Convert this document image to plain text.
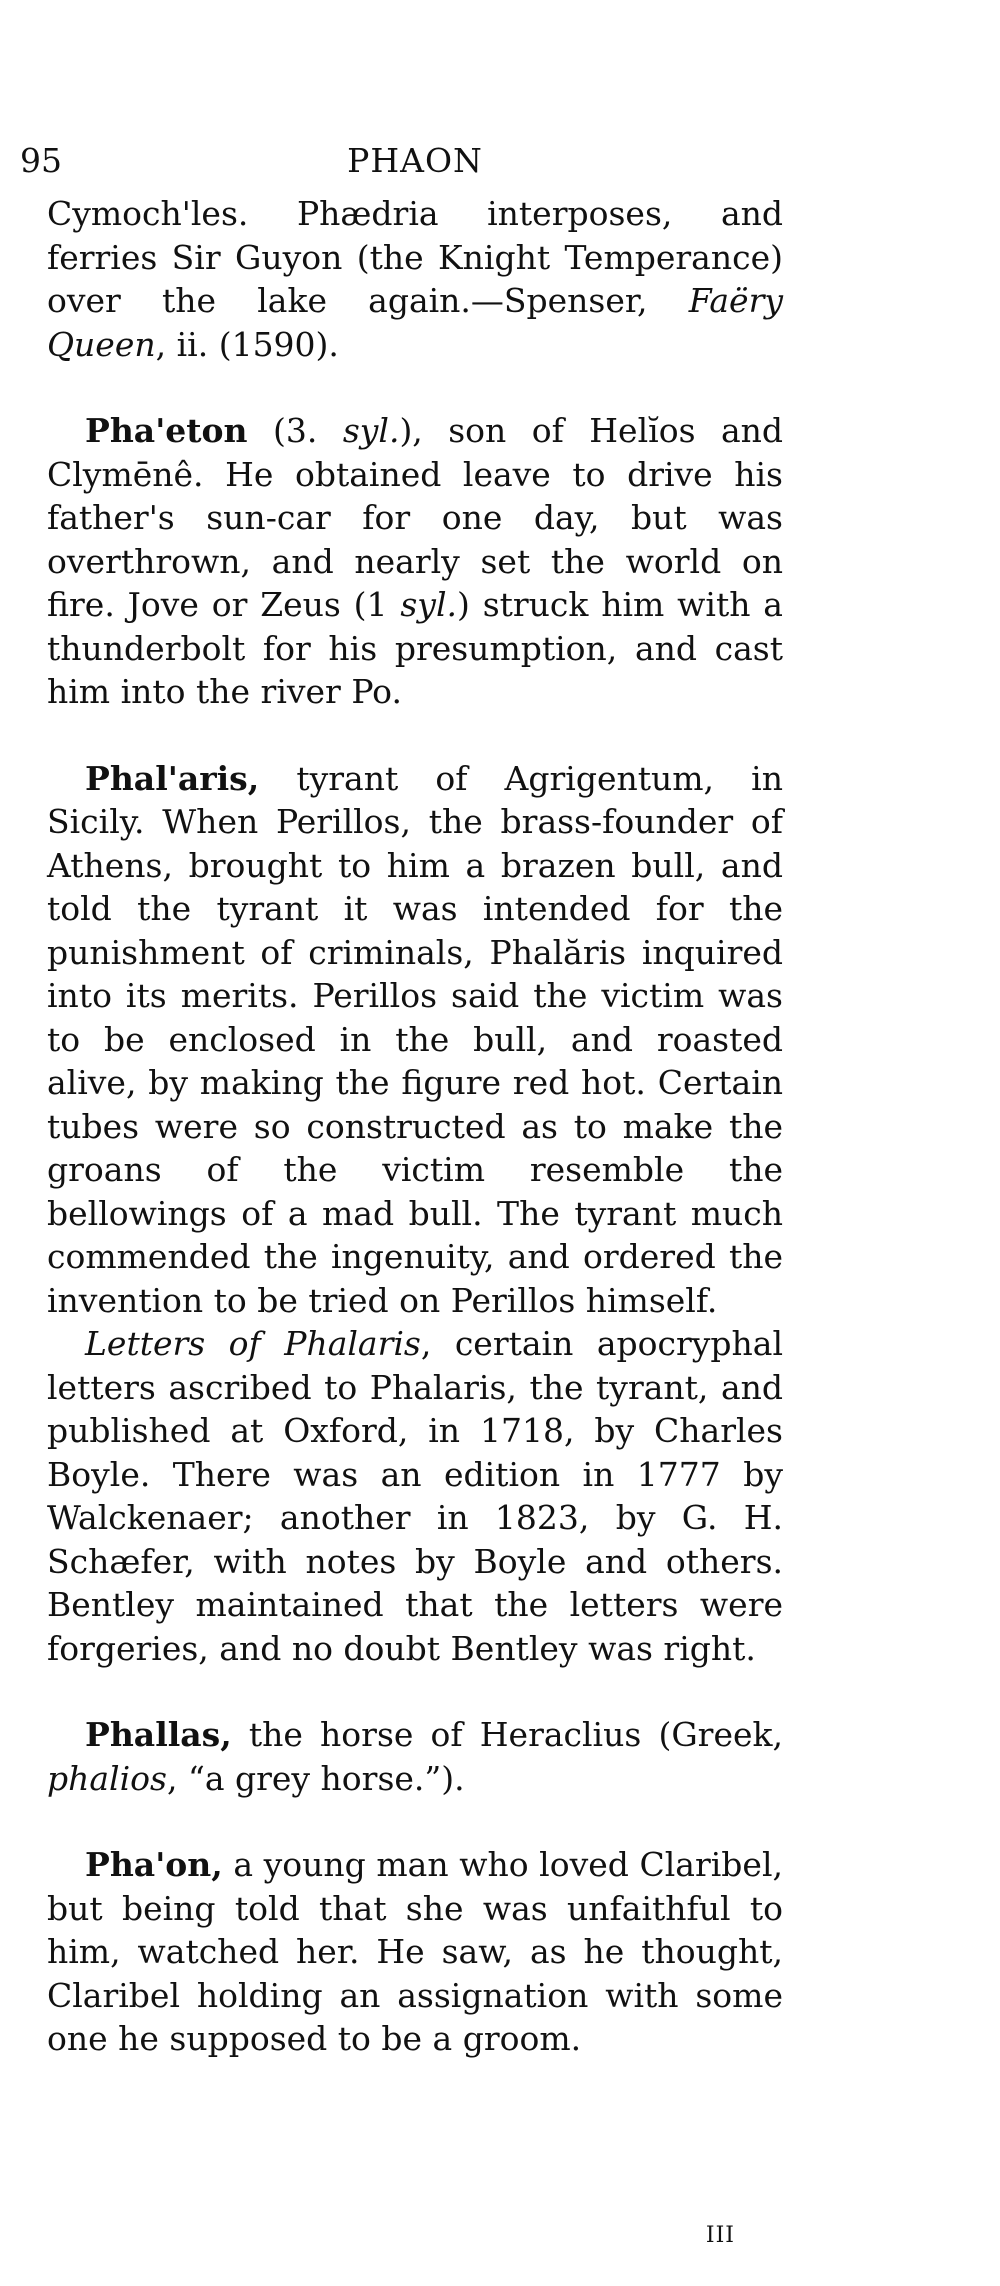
95	PHAON

Cymoch'les. Phædria interposes, and ferries Sir Guyon (the Knight Temperance) over the lake again.—Spenser, Faëry Queen, ii. (1590).

Pha'eton (3. syl.), son of Helĭos and Clymēnê. He obtained leave to drive his father's sun-car for one day, but was overthrown, and nearly set the world on fire. Jove or Zeus (1 syl.) struck him with a thunderbolt for his presumption, and cast him into the river Po.

Phal'aris, tyrant of Agrigentum, in Sicily. When Perillos, the brass-founder of Athens, brought to him a brazen bull, and told the tyrant it was intended for the punishment of criminals, Phalăris inquired into its merits. Perillos said the victim was to be enclosed in the bull, and roasted alive, by making the figure red hot. Certain tubes were so constructed as to make the groans of the victim resemble the bellowings of a mad bull. The tyrant much commended the ingenuity, and ordered the invention to be tried on Perillos himself.

Letters of Phalaris, certain apocryphal letters ascribed to Phalaris, the tyrant, and published at Oxford, in 1718, by Charles Boyle. There was an edition in 1777 by Walckenaer; another in 1823, by G. H. Schæfer, with notes by Boyle and others. Bentley maintained that the letters were forgeries, and no doubt Bentley was right.

Phallas, the horse of Heraclius (Greek, phalios, “a grey horse.”).

Pha'on, a young man who loved Claribel, but being told that she was unfaithful to him, watched her. He saw, as he thought, Claribel holding an assignation with some one he supposed to be a groom.

III
